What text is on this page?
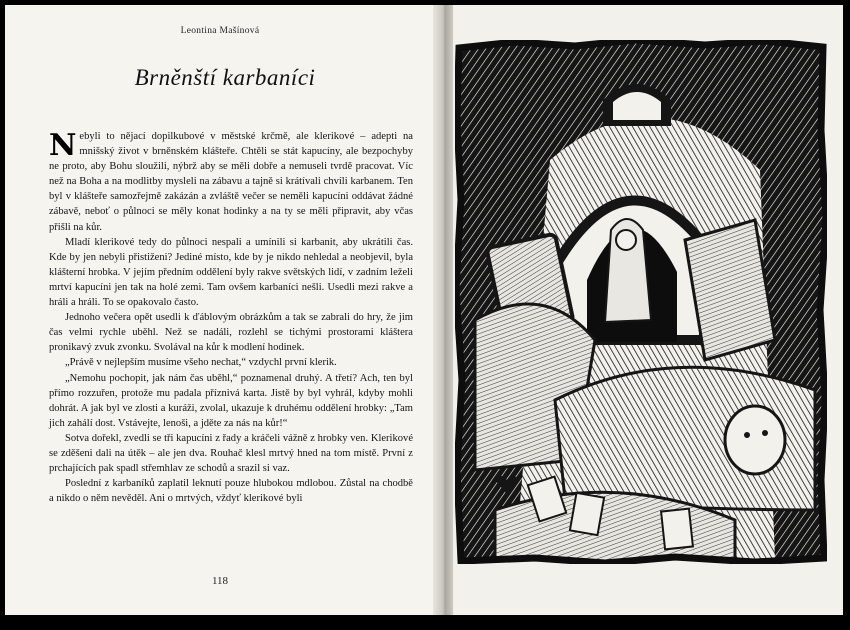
Leontina Mašínová
Brněnští karbaníci

Nebyli to nějací dopilkubové v městské krčmě, ale klerikové – adepti na mnišský život v brněnském klášteře. Chtěli se stát kapucíny, ale bezpochyby ne proto, aby Bohu sloužili, nýbrž aby se měli dobře a nemuseli tvrdě pracovat. Víc než na Boha a na modlitby mysleli na zábavu a tajně si krátívali chvíli karbanem. Ten byl v klášteře samozřejmě zakázán a zvláště večer se neměli kapucíni oddávat žádné zábavě, neboť o půlnoci se měly konat hodinky a na ty se měli připravit, aby včas přišli na kůr.

Mladí klerikové tedy do půlnoci nespali a umínili si karbanit, aby ukrátili čas. Kde by jen nebyli přistiženi? Jediné místo, kde by je nikdo nehledal a neobjevil, byla klášterní hrobka. V jejím předním oddělení byly rakve světských lidí, v zadním leželi mrtví kapucíni jen tak na holé zemi. Tam ovšem karbaníci nešli. Usedli mezi rakve a hráli a hráli. To se opakovalo často.

Jednoho večera opět usedli k ďáblovým obrázkům a tak se zabrali do hry, že jim čas velmi rychle uběhl. Než se nadáli, rozlehl se tichými prostorami kláštera pronikavý zvuk zvonku. Svolával na kůr k modlení hodinek.

„Právě v nejlepším musíme všeho nechat,“ vzdychl první klerik.

„Nemohu pochopit, jak nám čas uběhl,“ poznamenal druhý. A třetí? Ach, ten byl přímo rozzuřen, protože mu padala příznivá karta. Jistě by byl vyhrál, kdyby mohli dohrát. A jak byl ve zlosti a kuráži, zvolal, ukazuje k druhému oddělení hrobky: „Tam jich zahálí dost. Vstávejte, lenoši, a jděte za nás na kůr!“

Sotva dořekl, zvedli se tři kapucíni z řady a kráčeli vážně z hrobky ven. Klerikové se zděšeni dali na útěk – ale jen dva. Rouhač klesl mrtvý hned na tom místě. První z prchajících pak spadl střemhlav ze schodů a srazil si vaz.

Poslední z karbaníků zaplatil leknutí pouze hlubokou mdlobou. Zůstal na chodbě a nikdo o něm nevěděl. Ani o mrtvých, vždyť klerikové byli

118
